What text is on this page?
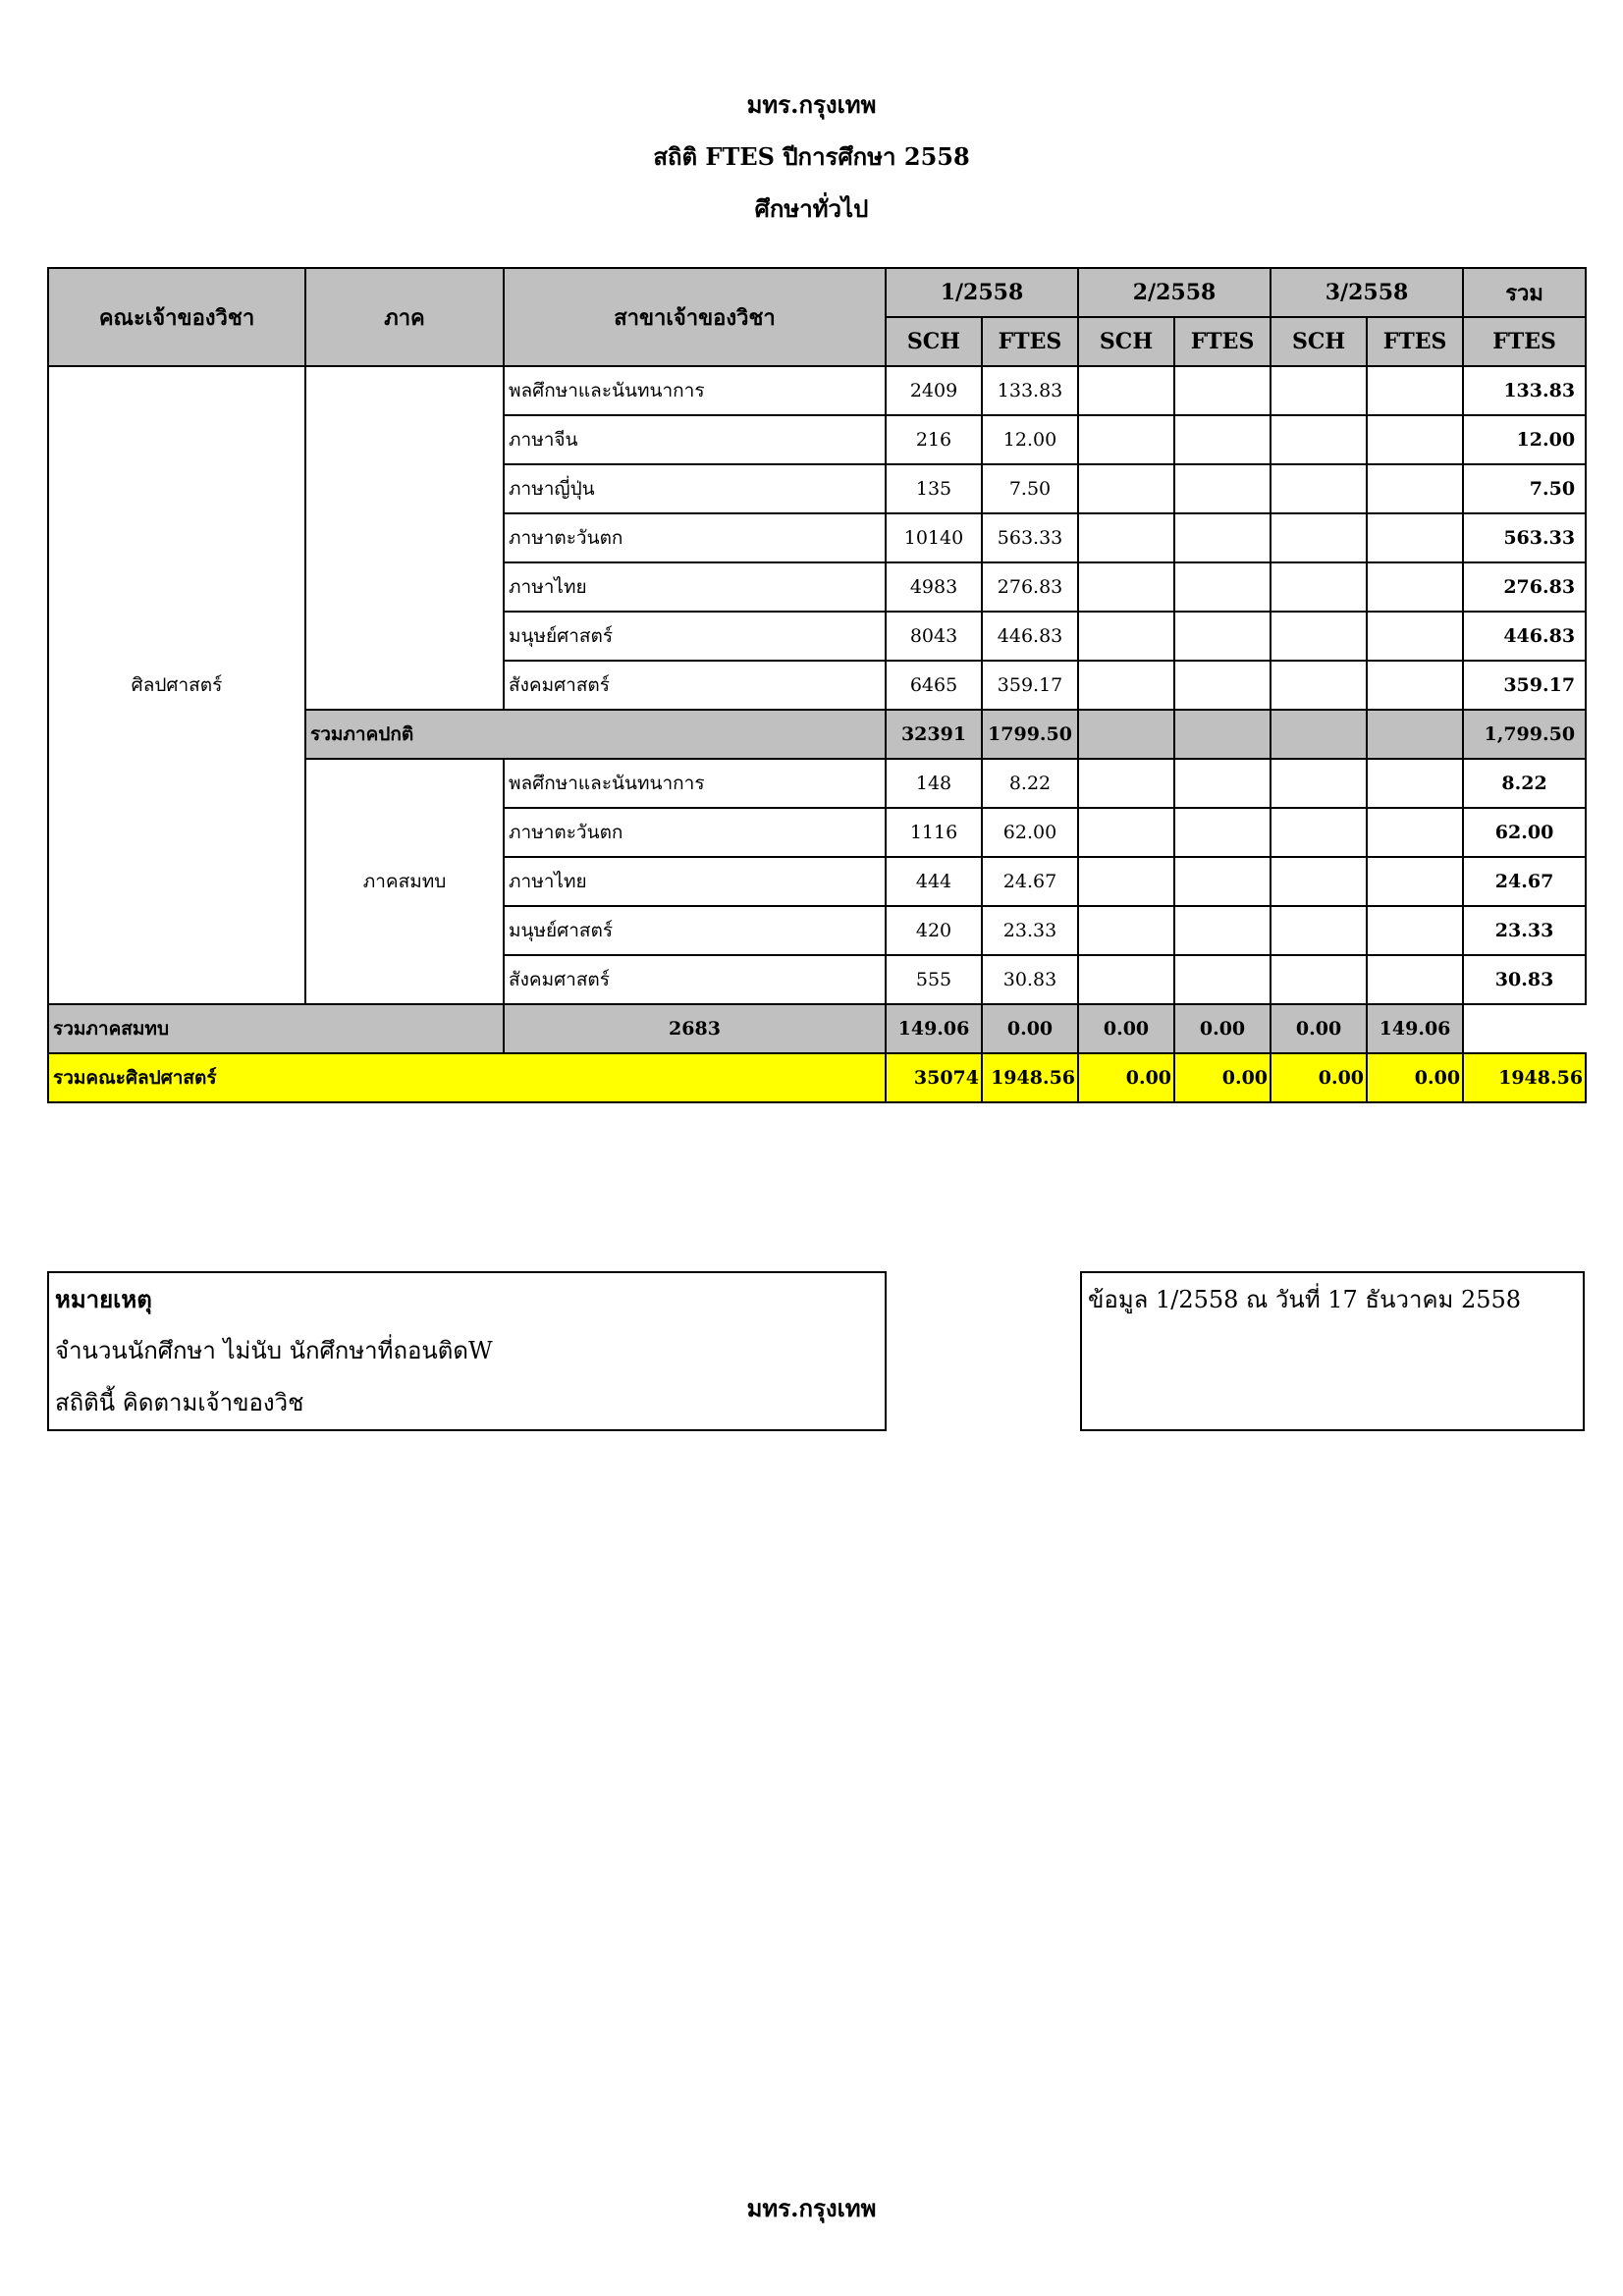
มทร.กรุงเทพ
สถิติ FTES ปีการศึกษา 2558
ศึกษาทั่วไป
คณะเจ้าของวิชา	ภาค	สาขาเจ้าของวิชา	1/2558		2/2558		3/2558		รวม
			SCH	FTES	SCH	FTES	SCH	FTES	FTES
ศิลปศาสตร์		พลศึกษาและนันทนาการ	2409	133.83					133.83
		ภาษาจีน	216	12.00					12.00
		ภาษาญี่ปุ่น	135	7.50					7.50
		ภาษาตะวันตก	10140	563.33					563.33
		ภาษาไทย	4983	276.83					276.83
		มนุษย์ศาสตร์	8043	446.83					446.83
		สังคมศาสตร์	6465	359.17					359.17
	รวมภาคปกติ		32391	1799.50					1,799.50
	ภาคสมทบ	พลศึกษาและนันทนาการ	148	8.22					8.22
		ภาษาตะวันตก	1116	62.00					62.00
		ภาษาไทย	444	24.67					24.67
		มนุษย์ศาสตร์	420	23.33					23.33
		สังคมศาสตร์	555	30.83					30.83
รวมภาคสมทบ		2683	149.06	0.00	0.00	0.00	0.00	149.06	
รวมคณะศิลปศาสตร์			35074	1948.56	0.00	0.00	0.00	0.00	1948.56
หมายเหตุ
จำนวนนักศึกษา ไม่นับ นักศึกษาที่ถอนติดW
สถิตินี้ คิดตามเจ้าของวิช
ข้อมูล 1/2558 ณ วันที่ 17 ธันวาคม 2558
มทร.กรุงเทพ
